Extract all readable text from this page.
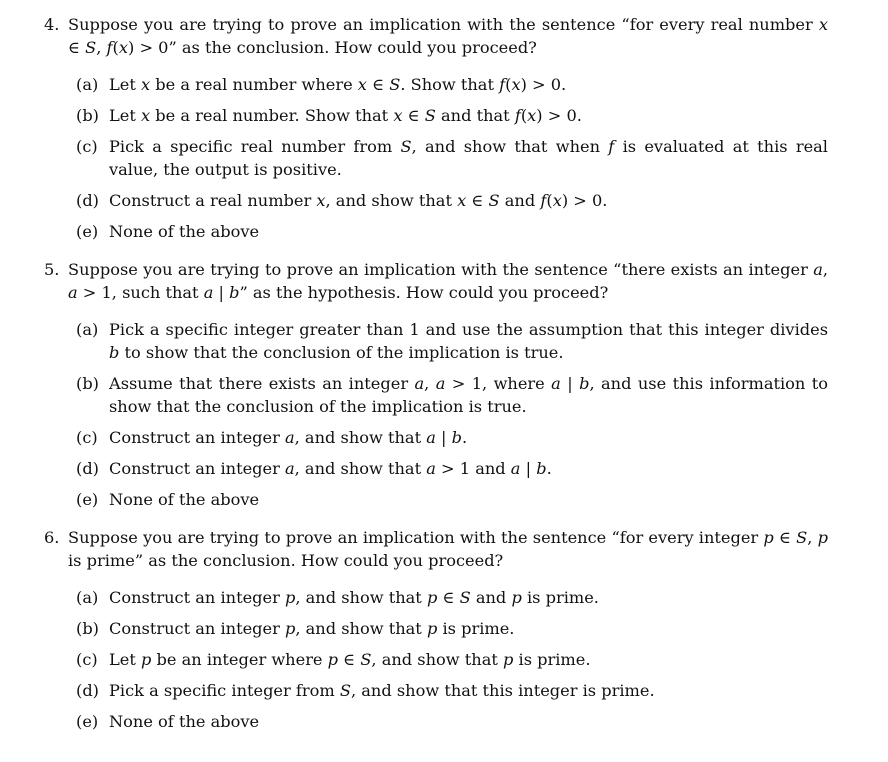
4. Suppose you are trying to prove an implication with the sentence “for every real number x ∈ S, f(x) > 0” as the conclusion. How could you proceed?
(a) Let x be a real number where x ∈ S. Show that f(x) > 0.
(b) Let x be a real number. Show that x ∈ S and that f(x) > 0.
(c) Pick a specific real number from S, and show that when f is evaluated at this real value, the output is positive.
(d) Construct a real number x, and show that x ∈ S and f(x) > 0.
(e) None of the above
5. Suppose you are trying to prove an implication with the sentence “there exists an integer a, a > 1, such that a | b” as the hypothesis. How could you proceed?
(a) Pick a specific integer greater than 1 and use the assumption that this integer divides b to show that the conclusion of the implication is true.
(b) Assume that there exists an integer a, a > 1, where a | b, and use this information to show that the conclusion of the implication is true.
(c) Construct an integer a, and show that a | b.
(d) Construct an integer a, and show that a > 1 and a | b.
(e) None of the above
6. Suppose you are trying to prove an implication with the sentence “for every integer p ∈ S, p is prime” as the conclusion. How could you proceed?
(a) Construct an integer p, and show that p ∈ S and p is prime.
(b) Construct an integer p, and show that p is prime.
(c) Let p be an integer where p ∈ S, and show that p is prime.
(d) Pick a specific integer from S, and show that this integer is prime.
(e) None of the above
